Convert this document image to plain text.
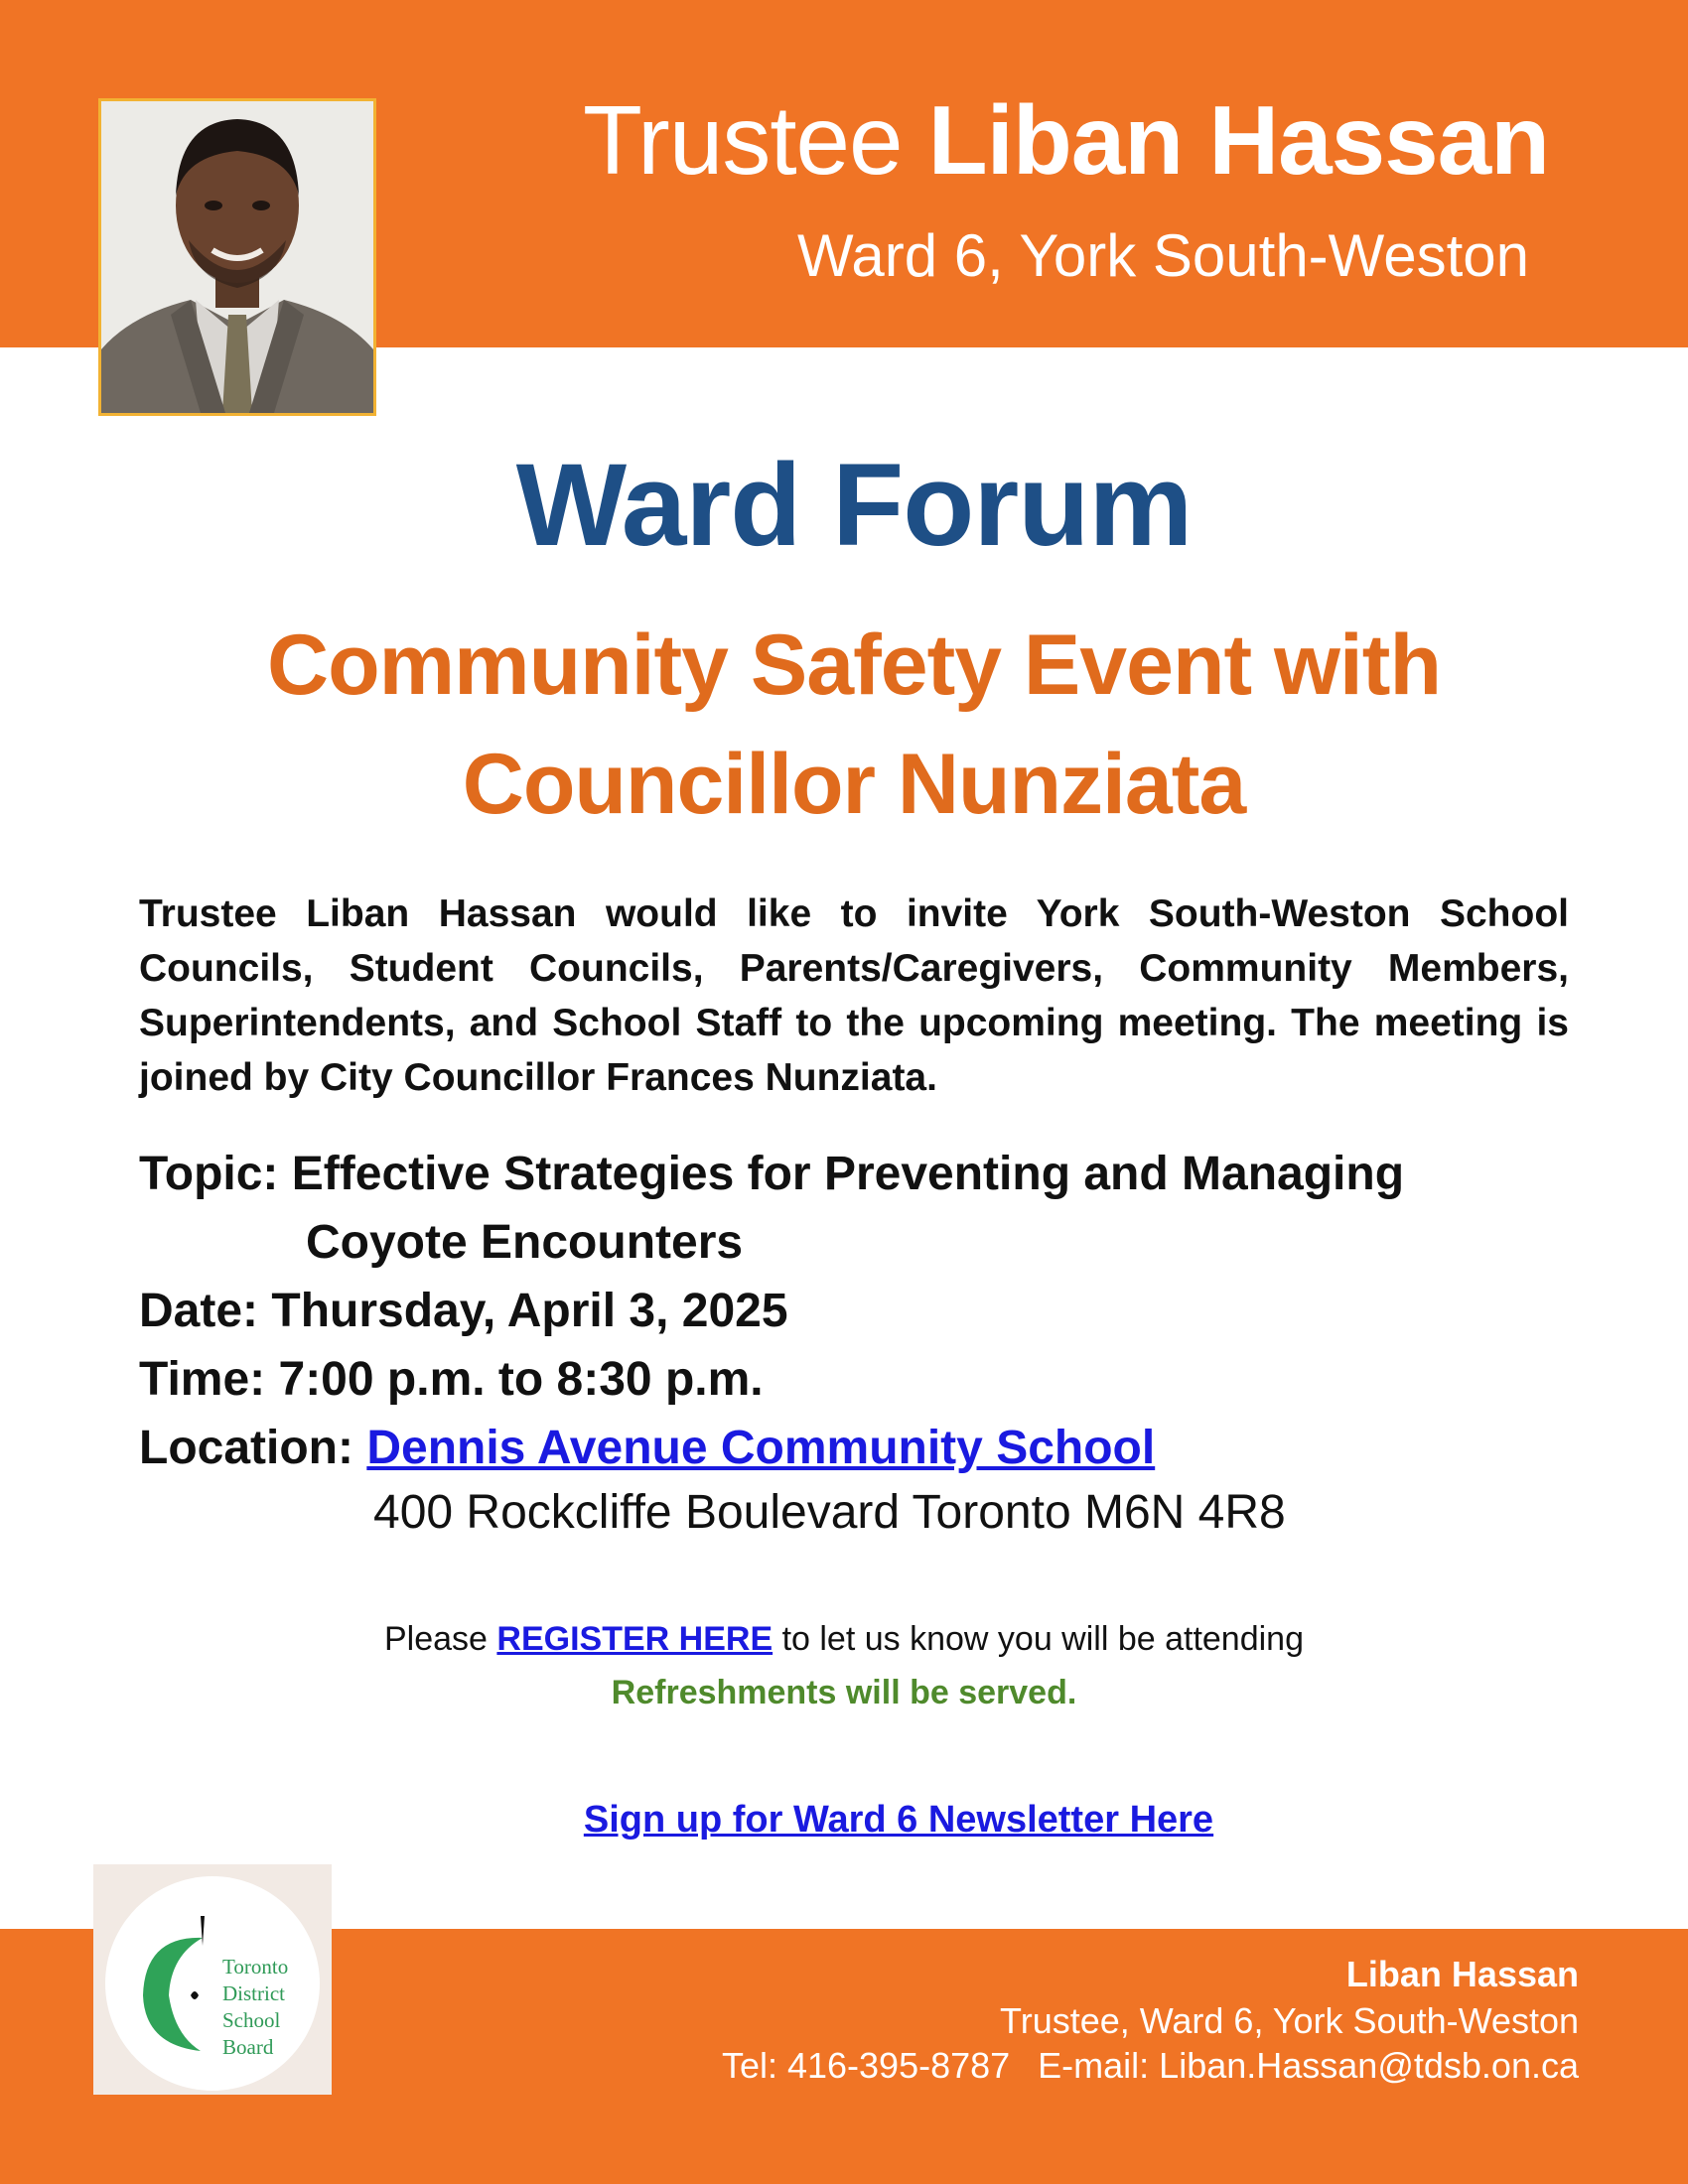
Trustee Liban Hassan
Ward 6, York South-Weston
Ward Forum
Community Safety Event with
Councillor Nunziata
Trustee Liban Hassan would like to invite York South-Weston School Councils, Student Councils, Parents/Caregivers, Community Members, Superintendents, and School Staff to the upcoming meeting. The meeting is joined by City Councillor Frances Nunziata.
Topic: Effective Strategies for Preventing and Managing
Coyote Encounters
Date: Thursday, April 3, 2025
Time: 7:00 p.m. to 8:30 p.m.
Location: Dennis Avenue Community School
400 Rockcliffe Boulevard Toronto M6N 4R8
Please REGISTER HERE to let us know you will be attending
Refreshments will be served.
Sign up for Ward 6 Newsletter Here
Toronto
District
School
Board
Liban Hassan
Trustee, Ward 6, York South-Weston
Tel: 416-395-8787 E-mail: Liban.Hassan@tdsb.on.ca
